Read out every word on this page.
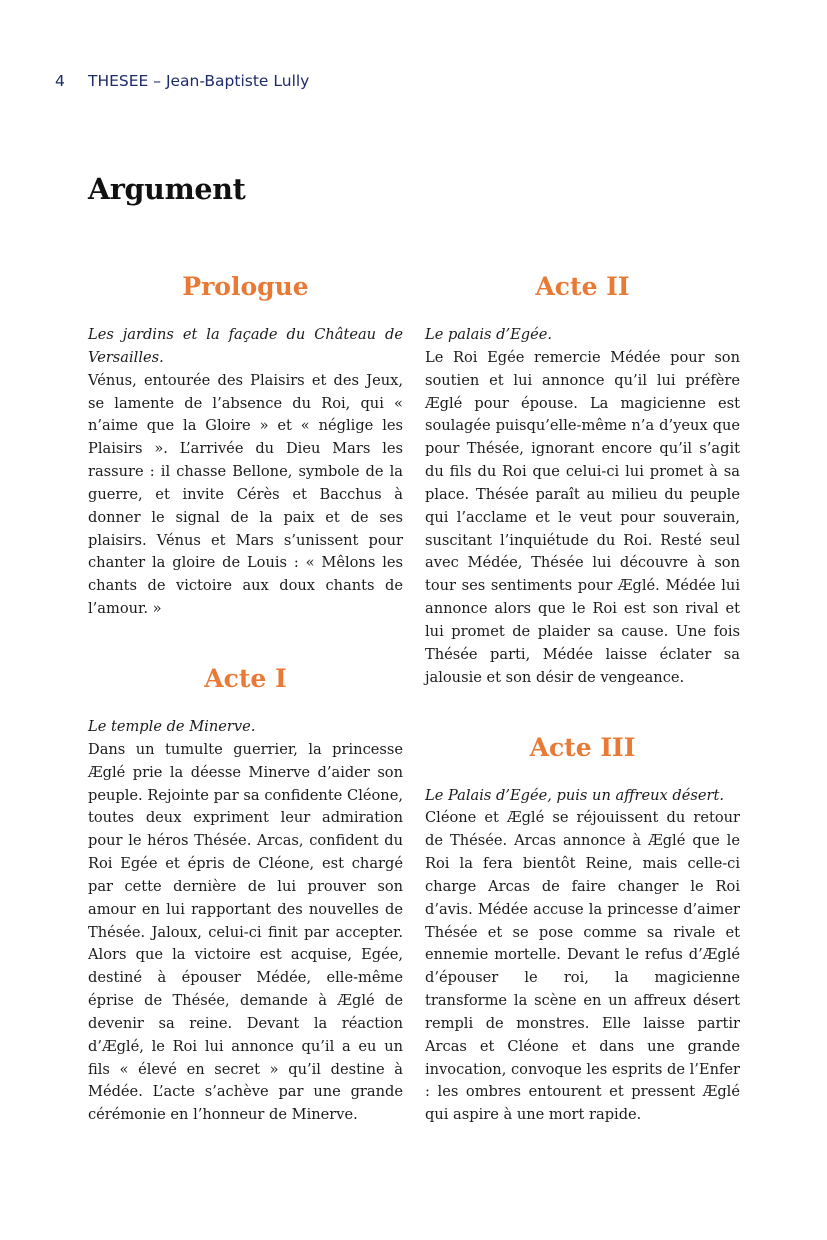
4 THESEE – Jean-Baptiste Lully
Argument
Prologue

Les jardins et la façade du Château de Versailles.
Vénus, entourée des Plaisirs et des Jeux, se lamente de l’absence du Roi, qui « n’aime que la Gloire » et « néglige les Plaisirs ». L’arrivée du Dieu Mars les rassure : il chasse Bellone, symbole de la guerre, et invite Cérès et Bacchus à donner le signal de la paix et de ses plaisirs. Vénus et Mars s’unissent pour chanter la gloire de Louis : « Mêlons les chants de victoire aux doux chants de l’amour. »

Acte I

Le temple de Minerve.
Dans un tumulte guerrier, la princesse Æglé prie la déesse Minerve d’aider son peuple. Rejointe par sa confidente Cléone, toutes deux expriment leur admiration pour le héros Thésée. Arcas, confident du Roi Egée et épris de Cléone, est chargé par cette dernière de lui prouver son amour en lui rapportant des nouvelles de Thésée. Jaloux, celui-ci finit par accepter. Alors que la victoire est acquise, Egée, destiné à épouser Médée, elle-même éprise de Thésée, demande à Æglé de devenir sa reine. Devant la réaction d’Æglé, le Roi lui annonce qu’il a eu un fils « élevé en secret » qu’il destine à Médée. L’acte s’achève par une grande cérémonie en l’honneur de Minerve.

Acte II

Le palais d’Egée.
Le Roi Egée remercie Médée pour son soutien et lui annonce qu’il lui préfère Æglé pour épouse. La magicienne est soulagée puisqu’elle-même n’a d’yeux que pour Thésée, ignorant encore qu’il s’agit du fils du Roi que celui-ci lui promet à sa place. Thésée paraît au milieu du peuple qui l’acclame et le veut pour souverain, suscitant l’inquiétude du Roi. Resté seul avec Médée, Thésée lui découvre à son tour ses sentiments pour Æglé. Médée lui annonce alors que le Roi est son rival et lui promet de plaider sa cause. Une fois Thésée parti, Médée laisse éclater sa jalousie et son désir de vengeance.

Acte III

Le Palais d’Egée, puis un affreux désert.
Cléone et Æglé se réjouissent du retour de Thésée. Arcas annonce à Æglé que le Roi la fera bientôt Reine, mais celle-ci charge Arcas de faire changer le Roi d’avis. Médée accuse la princesse d’aimer Thésée et se pose comme sa rivale et ennemie mortelle. Devant le refus d’Æglé d’épouser le roi, la magicienne transforme la scène en un affreux désert rempli de monstres. Elle laisse partir Arcas et Cléone et dans une grande invocation, convoque les esprits de l’Enfer : les ombres entourent et pressent Æglé qui aspire à une mort rapide.
